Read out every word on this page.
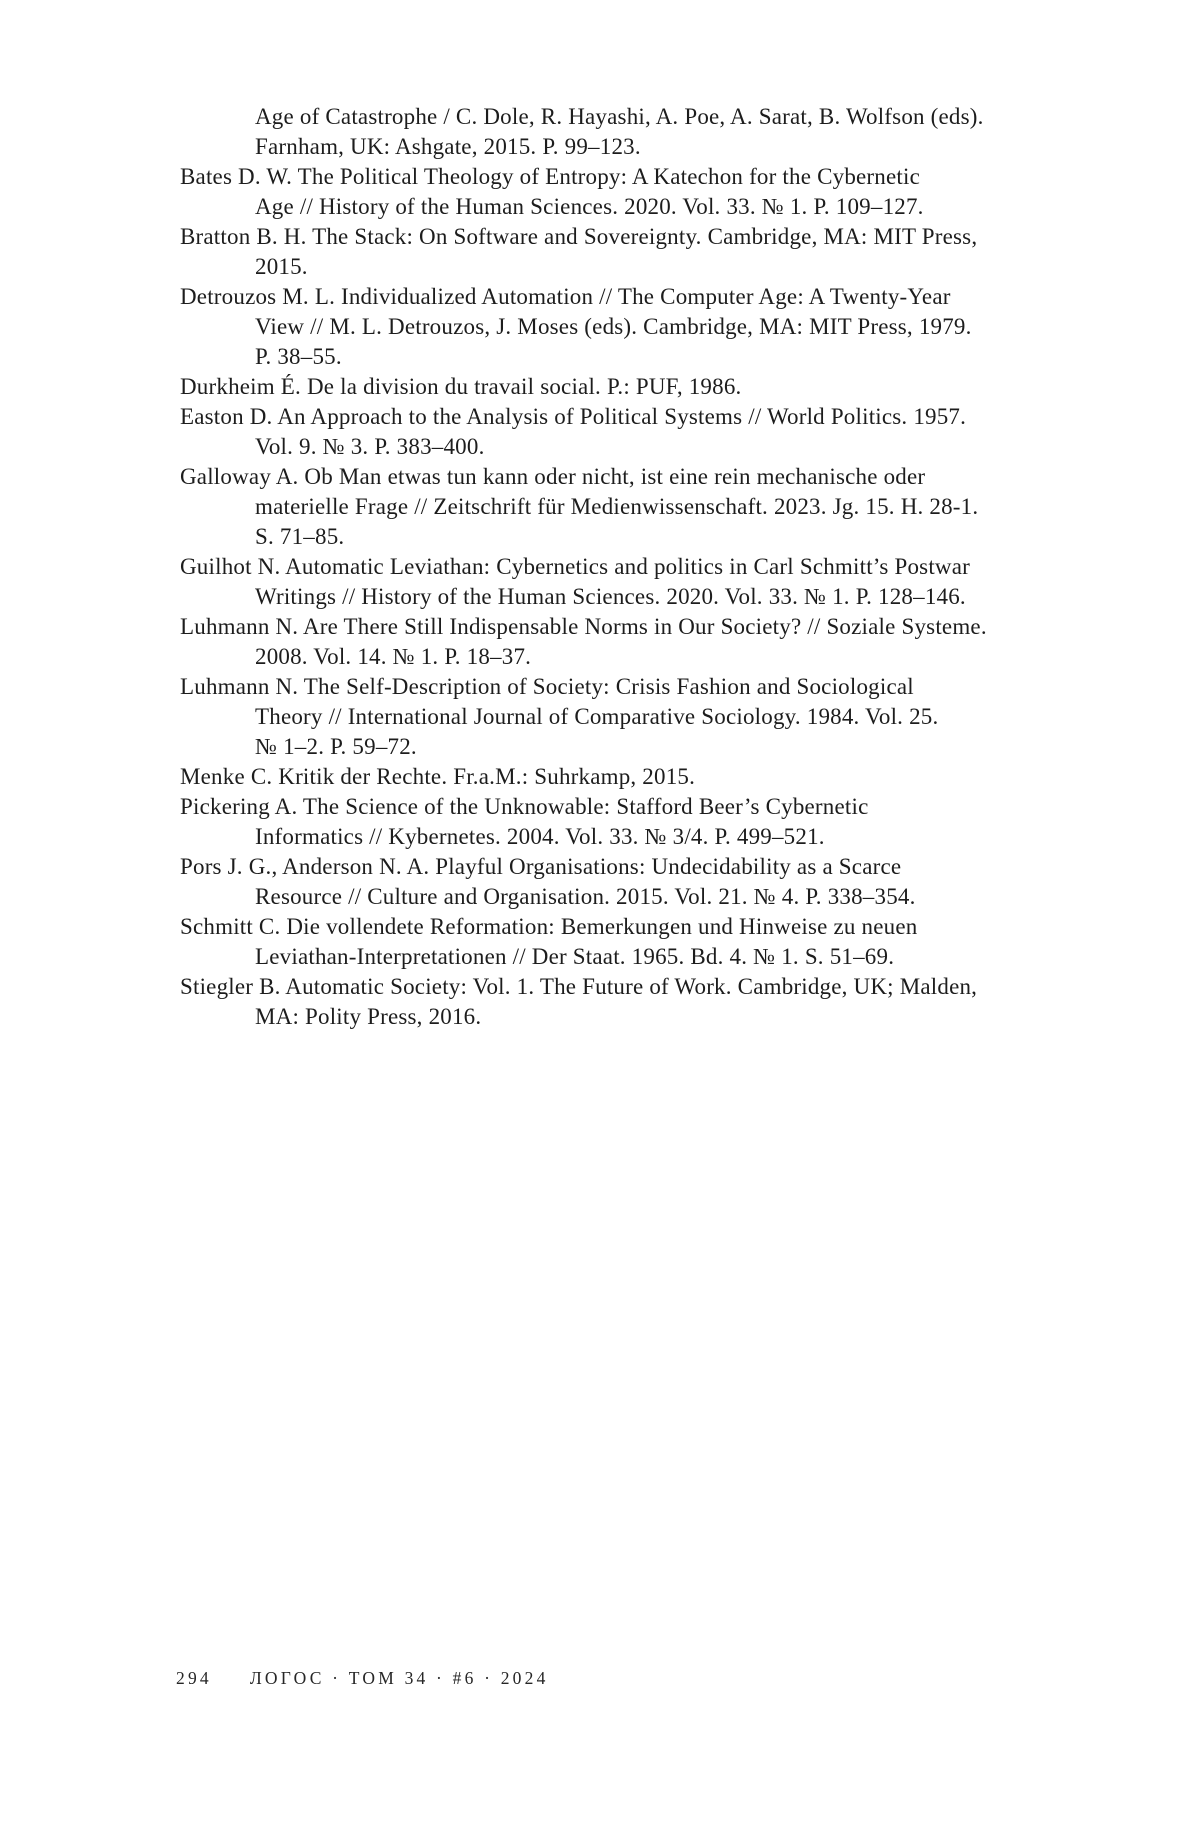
Age of Catastrophe / C. Dole, R. Hayashi, A. Poe, A. Sarat, B. Wolfson (eds).
Farnham, UK: Ashgate, 2015. P. 99–123.
Bates D. W. The Political Theology of Entropy: A Katechon for the Cybernetic
Age // History of the Human Sciences. 2020. Vol. 33. № 1. P. 109–127.
Bratton B. H. The Stack: On Software and Sovereignty. Cambridge, MA: MIT Press,
2015.
Detrouzos M. L. Individualized Automation // The Computer Age: A Twenty-Year
View // M. L. Detrouzos, J. Moses (eds). Cambridge, MA: MIT Press, 1979.
P. 38–55.
Durkheim É. De la division du travail social. P.: PUF, 1986.
Easton D. An Approach to the Analysis of Political Systems // World Politics. 1957.
Vol. 9. № 3. P. 383–400.
Galloway A. Ob Man etwas tun kann oder nicht, ist eine rein mechanische oder
materielle Frage // Zeitschrift für Medienwissenschaft. 2023. Jg. 15. H. 28-1.
S. 71–85.
Guilhot N. Automatic Leviathan: Cybernetics and politics in Carl Schmitt’s Postwar
Writings // History of the Human Sciences. 2020. Vol. 33. № 1. P. 128–146.
Luhmann N. Are There Still Indispensable Norms in Our Society? // Soziale Systeme.
2008. Vol. 14. № 1. P. 18–37.
Luhmann N. The Self-Description of Society: Crisis Fashion and Sociological
Theory // International Journal of Comparative Sociology. 1984. Vol. 25.
№ 1–2. P. 59–72.
Menke C. Kritik der Rechte. Fr.a.M.: Suhrkamp, 2015.
Pickering A. The Science of the Unknowable: Stafford Beer’s Cybernetic
Informatics // Kybernetes. 2004. Vol. 33. № 3/4. P. 499–521.
Pors J. G., Anderson N. A. Playful Organisations: Undecidability as a Scarce
Resource // Culture and Organisation. 2015. Vol. 21. № 4. P. 338–354.
Schmitt C. Die vollendete Reformation: Bemerkungen und Hinweise zu neuen
Leviathan-Interpretationen // Der Staat. 1965. Bd. 4. № 1. S. 51–69.
Stiegler B. Automatic Society: Vol. 1. The Future of Work. Cambridge, UK; Malden,
MA: Polity Press, 2016.
294 ЛОГОС · ТОМ 34 · #6 · 2024
